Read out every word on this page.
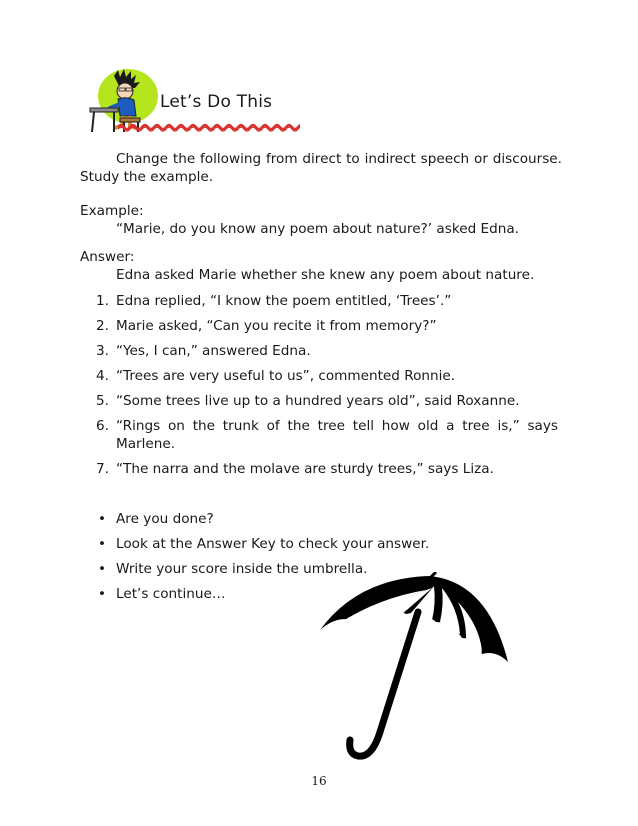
Let’s Do This
Change the following from direct to indirect speech or discourse. Study the example.
Example:
“Marie, do you know any poem about nature?’ asked Edna.
Answer:
Edna asked Marie whether she knew any poem about nature.
1. Edna replied, “I know the poem entitled, ‘Trees’.”
2. Marie asked, “Can you recite it from memory?”
3. “Yes, I can,” answered Edna.
4. “Trees are very useful to us”, commented Ronnie.
5. “Some trees live up to a hundred years old”, said Roxanne.
6. “Rings on the trunk of the tree tell how old a tree is,” says Marlene.
7. “The narra and the molave are sturdy trees,” says Liza.
• Are you done?
• Look at the Answer Key to check your answer.
• Write your score inside the umbrella.
• Let’s continue…
16
